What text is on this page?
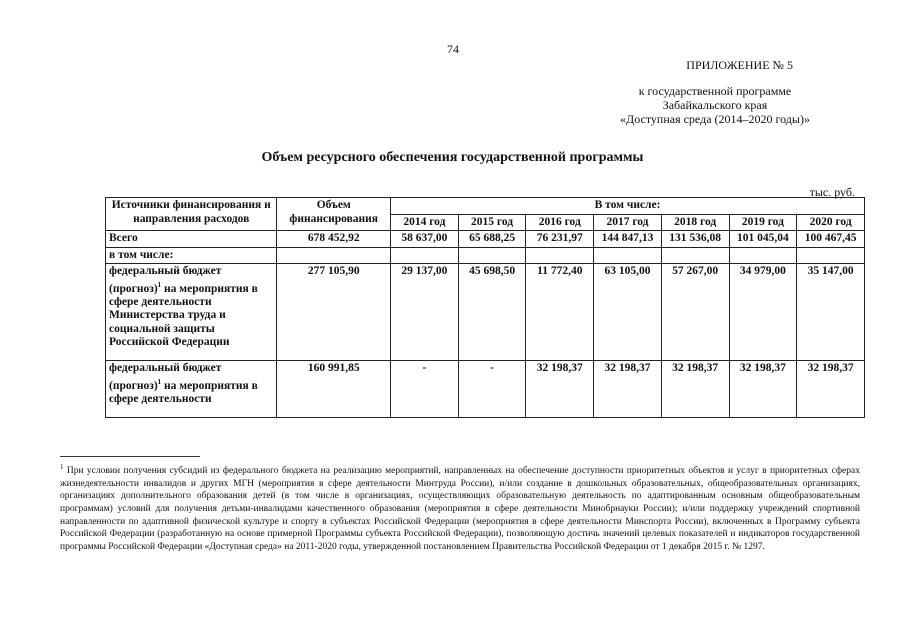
74
ПРИЛОЖЕНИЕ № 5
к государственной программе
Забайкальского края
«Доступная среда (2014–2020 годы)»
Объем ресурсного обеспечения государственной программы
тыс. руб.
Источники финансирования и направления расходов	Объем финансирования	В том числе:						
		2014 год	2015 год	2016 год	2017 год	2018 год	2019 год	2020 год
Всего	678 452,92	58 637,00	65 688,25	76 231,97	144 847,13	131 536,08	101 045,04	100 467,45
в том числе:								
федеральный бюджет (прогноз)$^1$ на мероприятия в сфере деятельности Министерства труда и социальной защиты Российской Федерации	277 105,90	29 137,00	45 698,50	11 772,40	63 105,00	57 267,00	34 979,00	35 147,00
федеральный бюджет (прогноз)$^1$ на мероприятия в сфере деятельности	160 991,85	-	-	32 198,37	32 198,37	32 198,37	32 198,37	32 198,37
$^1$ При условии получения субсидий из федерального бюджета на реализацию мероприятий, направленных на обеспечение доступности приоритетных объектов и услуг в приоритетных сферах жизнедеятельности инвалидов и других МГН (мероприятия в сфере деятельности Минтруда России), и/или создание в дошкольных образовательных, общеобразовательных организациях, организациях дополнительного образования детей (в том числе в организациях, осуществляющих образовательную деятельность по адаптированным основным общеобразовательным программам) условий для получения детьми-инвалидами качественного образования (мероприятия в сфере деятельности Минобрнауки России); и/или поддержку учреждений спортивной направленности по адаптивной физической культуре и спорту в субъектах Российской Федерации (мероприятия в сфере деятельности Минспорта России), включенных в Программу субъекта Российской Федерации (разработанную на основе примерной Программы субъекта Российской Федерации), позволяющую достичь значений целевых показателей и индикаторов государственной программы Российской Федерации «Доступная среда» на 2011-2020 годы, утвержденной постановлением Правительства Российской Федерации от 1 декабря 2015 г. № 1297.
